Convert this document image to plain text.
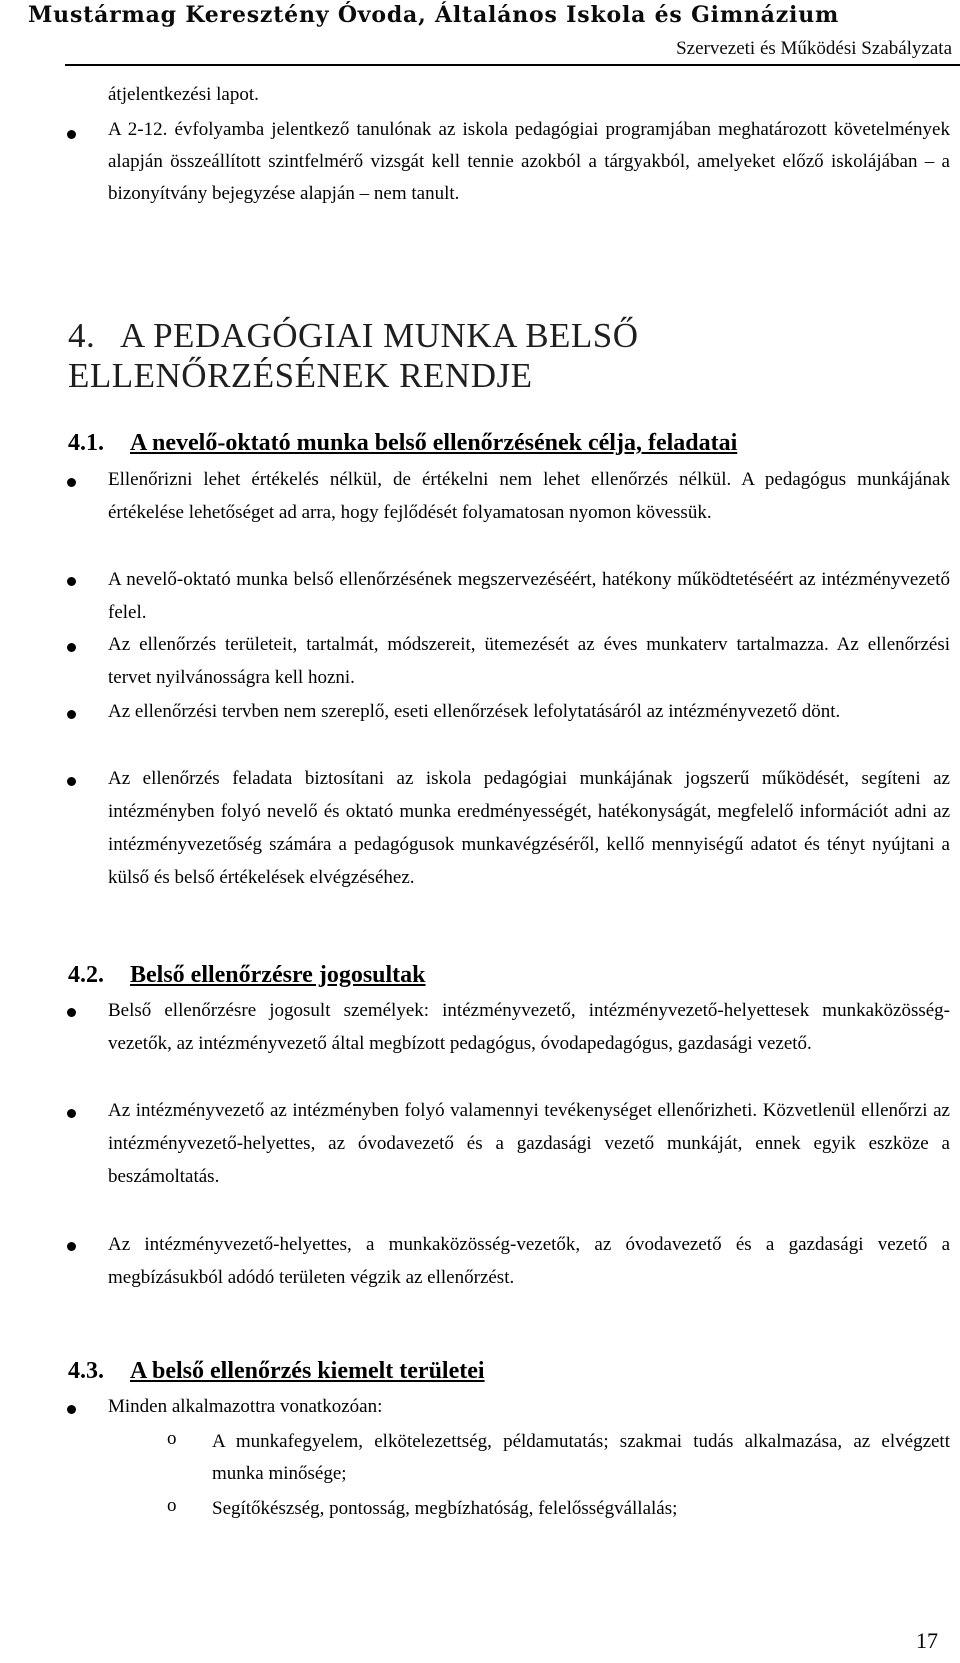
Mustármag Keresztény Óvoda, Általános Iskola és Gimnázium
Szervezeti és Működési Szabályzata
átjelentkezési lapot.
A 2-12. évfolyamba jelentkező tanulónak az iskola pedagógiai programjában meghatározott követelmények alapján összeállított szintfelmérő vizsgát kell tennie azokból a tárgyakból, amelyeket előző iskolájában – a bizonyítvány bejegyzése alapján – nem tanult.
4. A PEDAGÓGIAI MUNKA BELSŐ ELLENŐRZÉSÉNEK RENDJE
4.1. A nevelő-oktató munka belső ellenőrzésének célja, feladatai
Ellenőrizni lehet értékelés nélkül, de értékelni nem lehet ellenőrzés nélkül. A pedagógus munkájának értékelése lehetőséget ad arra, hogy fejlődését folyamatosan nyomon kövessük.
A nevelő-oktató munka belső ellenőrzésének megszervezéséért, hatékony működtetéséért az intézményvezető felel.
Az ellenőrzés területeit, tartalmát, módszereit, ütemezését az éves munkaterv tartalmazza. Az ellenőrzési tervet nyilvánosságra kell hozni.
Az ellenőrzési tervben nem szereplő, eseti ellenőrzések lefolytatásáról az intézményvezető dönt.
Az ellenőrzés feladata biztosítani az iskola pedagógiai munkájának jogszerű működését, segíteni az intézményben folyó nevelő és oktató munka eredményességét, hatékonyságát, megfelelő információt adni az intézményvezetőség számára a pedagógusok munkavégzéséről, kellő mennyiségű adatot és tényt nyújtani a külső és belső értékelések elvégzéséhez.
4.2. Belső ellenőrzésre jogosultak
Belső ellenőrzésre jogosult személyek: intézményvezető, intézményvezető-helyettesek munkaközösség-vezetők, az intézményvezető által megbízott pedagógus, óvodapedagógus, gazdasági vezető.
Az intézményvezető az intézményben folyó valamennyi tevékenységet ellenőrizheti. Közvetlenül ellenőrzi az intézményvezető-helyettes, az óvodavezető és a gazdasági vezető munkáját, ennek egyik eszköze a beszámoltatás.
Az intézményvezető-helyettes, a munkaközösség-vezetők, az óvodavezető és a gazdasági vezető a megbízásukból adódó területen végzik az ellenőrzést.
4.3. A belső ellenőrzés kiemelt területei
Minden alkalmazottra vonatkozóan:
o A munkafegyelem, elkötelezettség, példamutatás; szakmai tudás alkalmazása, az elvégzett munka minősége;
o Segítőkészség, pontosság, megbízhatóság, felelősségvállalás;
17
